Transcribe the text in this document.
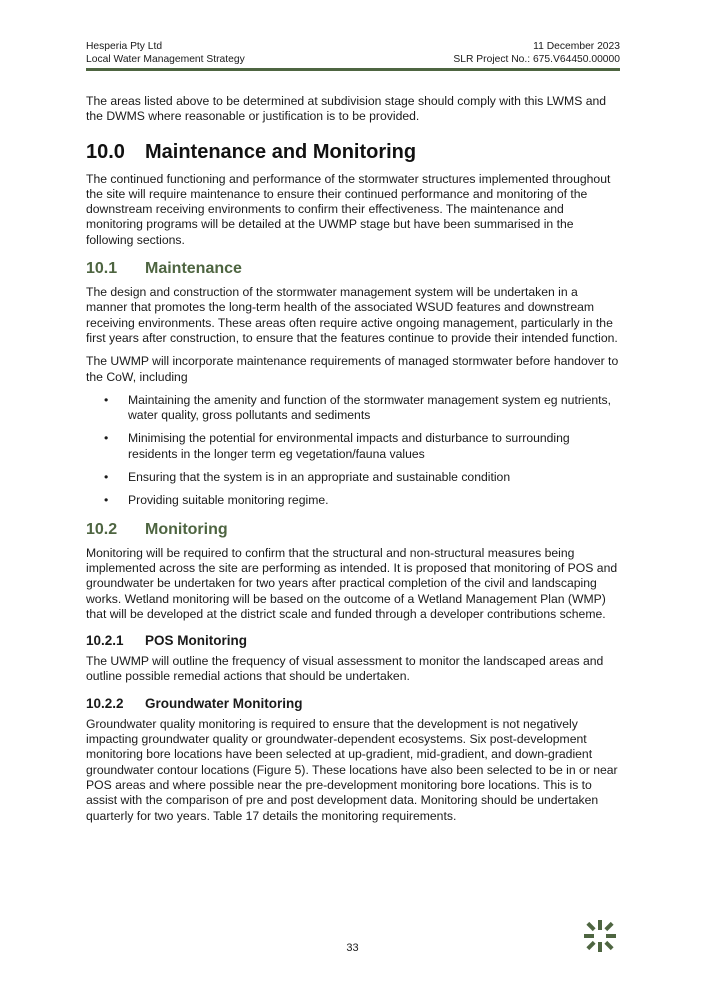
Hesperia Pty Ltd	11 December 2023
Local Water Management Strategy	SLR Project No.: 675.V64450.00000

The areas listed above to be determined at subdivision stage should comply with this LWMS and the DWMS where reasonable or justification is to be provided.

10.0	Maintenance and Monitoring

The continued functioning and performance of the stormwater structures implemented throughout the site will require maintenance to ensure their continued performance and monitoring of the downstream receiving environments to confirm their effectiveness. The maintenance and monitoring programs will be detailed at the UWMP stage but have been summarised in the following sections.

10.1	Maintenance

The design and construction of the stormwater management system will be undertaken in a manner that promotes the long-term health of the associated WSUD features and downstream receiving environments. These areas often require active ongoing management, particularly in the first years after construction, to ensure that the features continue to provide their intended function.

The UWMP will incorporate maintenance requirements of managed stormwater before handover to the CoW, including

• Maintaining the amenity and function of the stormwater management system eg nutrients, water quality, gross pollutants and sediments
• Minimising the potential for environmental impacts and disturbance to surrounding residents in the longer term eg vegetation/fauna values
• Ensuring that the system is in an appropriate and sustainable condition
• Providing suitable monitoring regime.
10.2	Monitoring

Monitoring will be required to confirm that the structural and non-structural measures being implemented across the site are performing as intended. It is proposed that monitoring of POS and groundwater be undertaken for two years after practical completion of the civil and landscaping works. Wetland monitoring will be based on the outcome of a Wetland Management Plan (WMP) that will be developed at the district scale and funded through a developer contributions scheme.

10.2.1	POS Monitoring

The UWMP will outline the frequency of visual assessment to monitor the landscaped areas and outline possible remedial actions that should be undertaken.

10.2.2	Groundwater Monitoring

Groundwater quality monitoring is required to ensure that the development is not negatively impacting groundwater quality or groundwater-dependent ecosystems. Six post-development monitoring bore locations have been selected at up-gradient, mid-gradient, and down-gradient groundwater contour locations (Figure 5). These locations have also been selected to be in or near POS areas and where possible near the pre-development monitoring bore locations. This is to assist with the comparison of pre and post development data. Monitoring should be undertaken quarterly for two years. Table 17 details the monitoring requirements.

33
